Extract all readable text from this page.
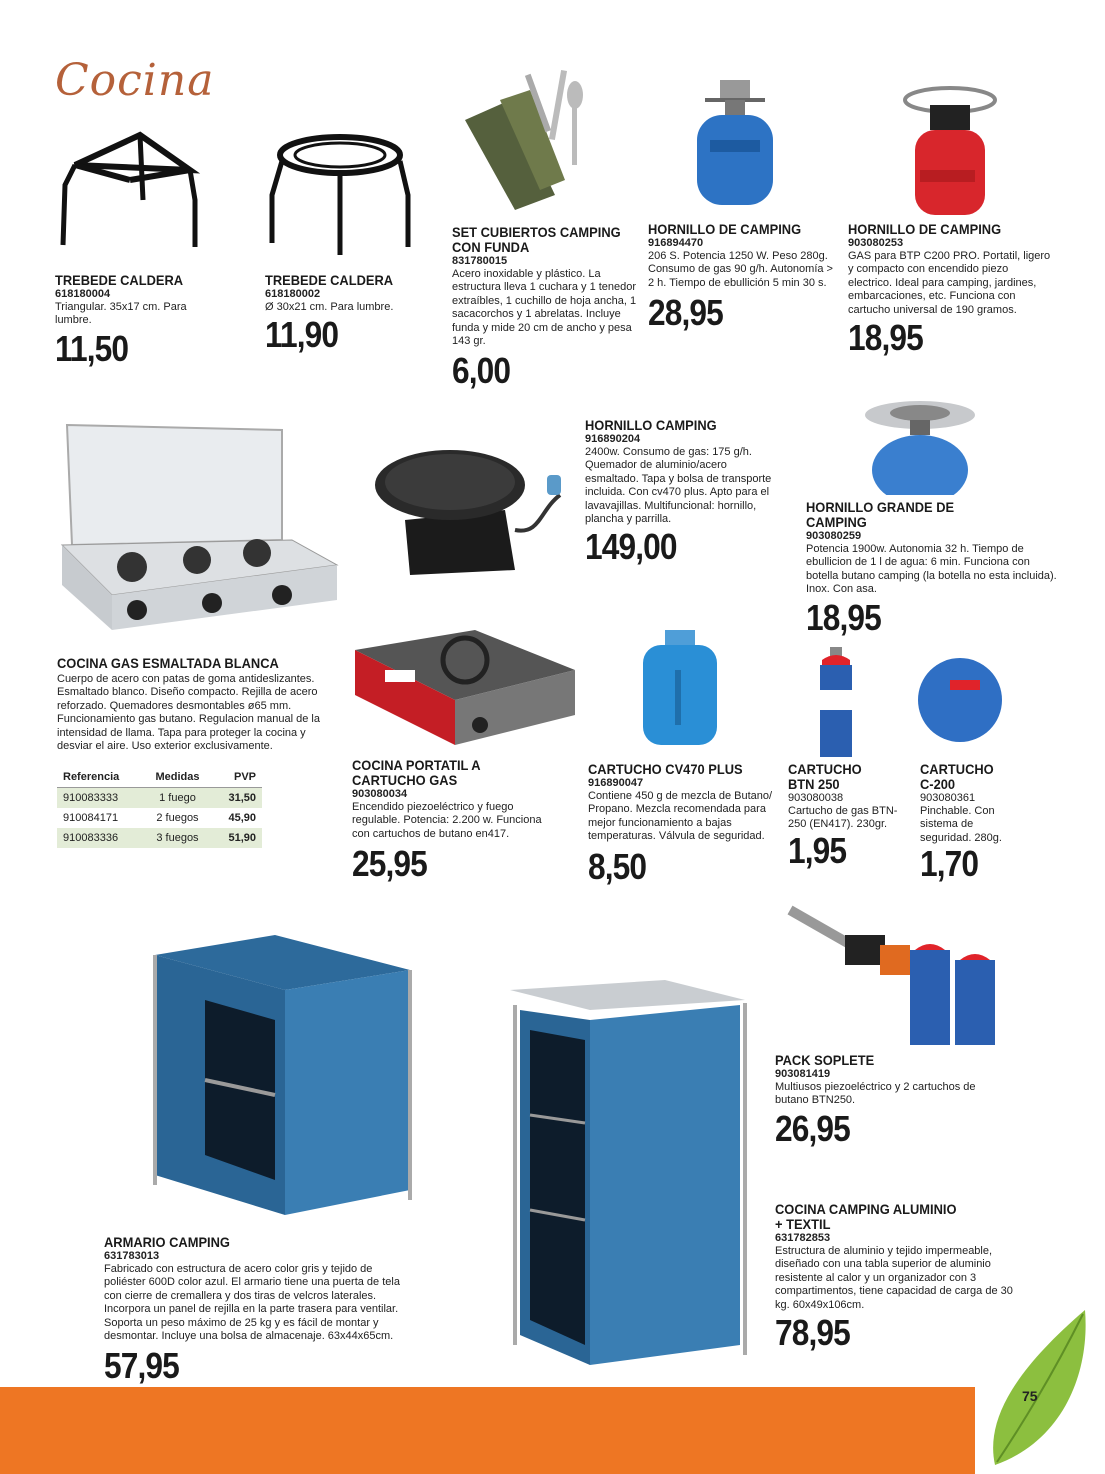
Cocina
TREBEDE CALDERA
618180004
Triangular. 35x17 cm. Para lumbre.
11,50
TREBEDE CALDERA
618180002
Ø 30x21 cm. Para lumbre.
11,90
SET CUBIERTOS CAMPING CON FUNDA
831780015
Acero inoxidable y plástico. La estructura lleva 1 cuchara y 1 tenedor extraíbles, 1 cuchillo de hoja ancha, 1 sacacorchos y 1 abrelatas. Incluye funda y mide 20 cm de ancho y pesa 143 gr.
6,00
HORNILLO DE CAMPING
916894470
206 S. Potencia 1250 W. Peso 280g. Consumo de gas 90 g/h. Autonomía > 2 h. Tiempo de ebullición 5 min 30 s.
28,95
HORNILLO DE CAMPING
903080253
GAS para BTP C200 PRO. Portatil, ligero y compacto con encendido piezo electrico. Ideal para camping, jardines, embarcaciones, etc. Funciona con cartucho universal de 190 gramos.
18,95
COCINA GAS ESMALTADA BLANCA
Cuerpo de acero con patas de goma antideslizantes. Esmaltado blanco. Diseño compacto. Rejilla de acero reforzado. Quemadores desmontables ø65 mm. Funcionamiento gas butano. Regulacion manual de la intensidad de llama. Tapa para proteger la cocina y desviar el aire. Uso exterior exclusivamente.
Referencia	Medidas	PVP
910083333	1 fuego	31,50
910084171	2 fuegos	45,90
910083336	3 fuegos	51,90
HORNILLO CAMPING
916890204
2400w. Consumo de gas: 175 g/h. Quemador de aluminio/acero esmaltado. Tapa y bolsa de transporte incluida. Con cv470 plus. Apto para el lavavajillas. Multifuncional: hornillo, plancha y parrilla.
149,00
HORNILLO GRANDE DE CAMPING
903080259
Potencia 1900w. Autonomia 32 h. Tiempo de ebullicion de 1 l de agua: 6 min. Funciona con botella butano camping (la botella no esta incluida). Inox. Con asa.
18,95
COCINA PORTATIL A CARTUCHO GAS
903080034
Encendido piezoeléctrico y fuego regulable. Potencia: 2.200 w. Funciona con cartuchos de butano en417.
25,95
CARTUCHO CV470 PLUS
916890047
Contiene 450 g de mezcla de Butano/ Propano. Mezcla recomendada para mejor funcionamiento a bajas temperaturas. Válvula de seguridad.
8,50
CARTUCHO BTN 250
903080038
Cartucho de gas BTN-250 (EN417). 230gr.
1,95
CARTUCHO C-200
903080361
Pinchable. Con sistema de seguridad. 280g.
1,70
PACK SOPLETE
903081419
Multiusos piezoeléctrico y 2 cartuchos de butano BTN250.
26,95
ARMARIO CAMPING
631783013
Fabricado con estructura de acero color gris y tejido de poliéster 600D color azul. El armario tiene una puerta de tela con cierre de cremallera y dos tiras de velcros laterales. Incorpora un panel de rejilla en la parte trasera para ventilar. Soporta un peso máximo de 25 kg y es fácil de montar y desmontar. Incluye una bolsa de almacenaje. 63x44x65cm.
57,95
COCINA CAMPING ALUMINIO + TEXTIL
631782853
Estructura de aluminio y tejido impermeable, diseñado con una tabla superior de aluminio resistente al calor y un organizador con 3 compartimentos, tiene capacidad de carga de 30 kg. 60x49x106cm.
78,95
75
